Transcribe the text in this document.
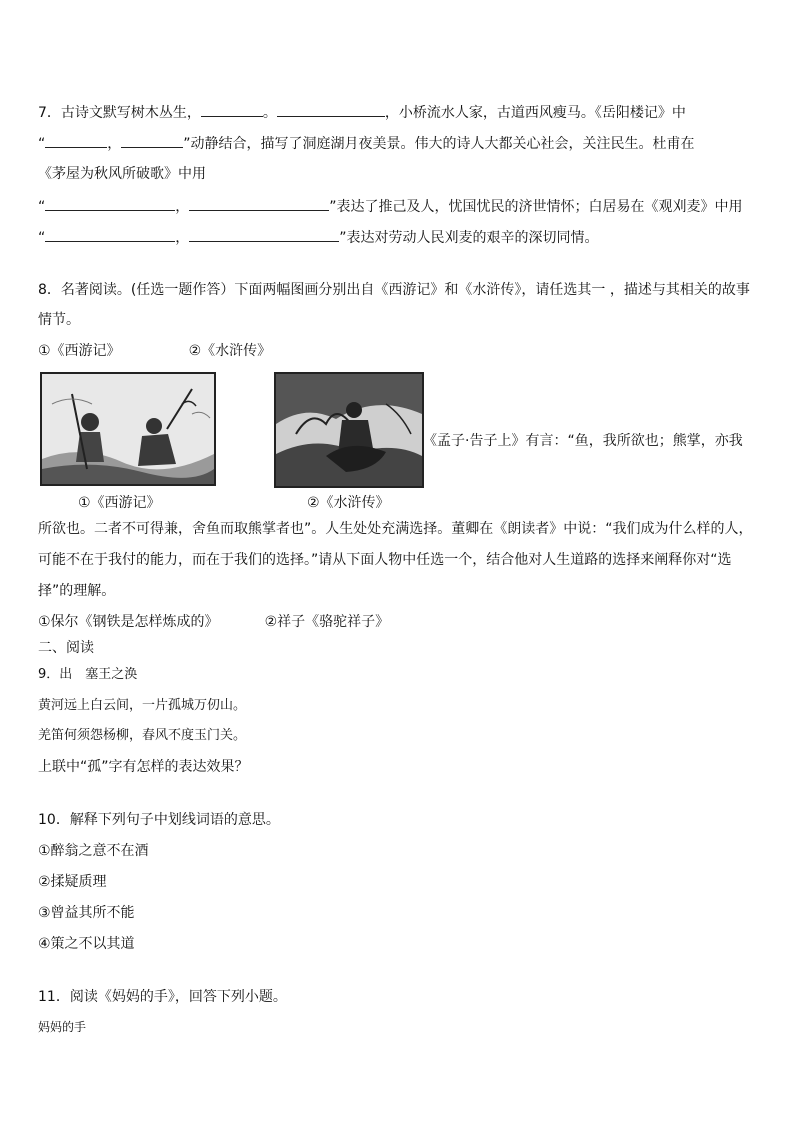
7．古诗文默写树木丛生，	。	，小桥流水人家，古道西风瘦马。《岳阳楼记》中
“	，	”动静结合，描写了洞庭湖月夜美景。伟大的诗人大都关心社会，关注民生。杜甫在
《茅屋为秋风所破歌》中用
“	，	”表达了推己及人，忧国忧民的济世情怀；白居易在《观刈麦》中用
“	，	”表达对劳动人民刈麦的艰辛的深切同情。
8．名著阅读。(任选一题作答）下面两幅图画分别出自《西游记》和《水浒传》，请任选其一 ，描述与其相关的故事
情节。
①《西游记》	②《水浒传》
①《西游记》	②《水浒传》
《孟子·告子上》有言：“鱼，我所欲也；熊掌，亦我
所欲也。二者不可得兼，舍鱼而取熊掌者也”。人生处处充满选择。董卿在《朗读者》中说：“我们成为什么样的人，
可能不在于我付的能力，而在于我们的选择。”请从下面人物中任选一个，结合他对人生道路的选择来阐释你对“选
择”的理解。
①保尔《钢铁是怎样炼成的》	②祥子《骆驼祥子》
二、阅读
9．出　塞王之涣
黄河远上白云间，一片孤城万仞山。
羌笛何须怨杨柳，春风不度玉门关。
上联中“孤”字有怎样的表达效果？
10．解释下列句子中划线词语的意思。
①醉翁之意不在酒
②揉疑质理
③曾益其所不能
④策之不以其道
11．阅读《妈妈的手》，回答下列小题。
妈妈的手
